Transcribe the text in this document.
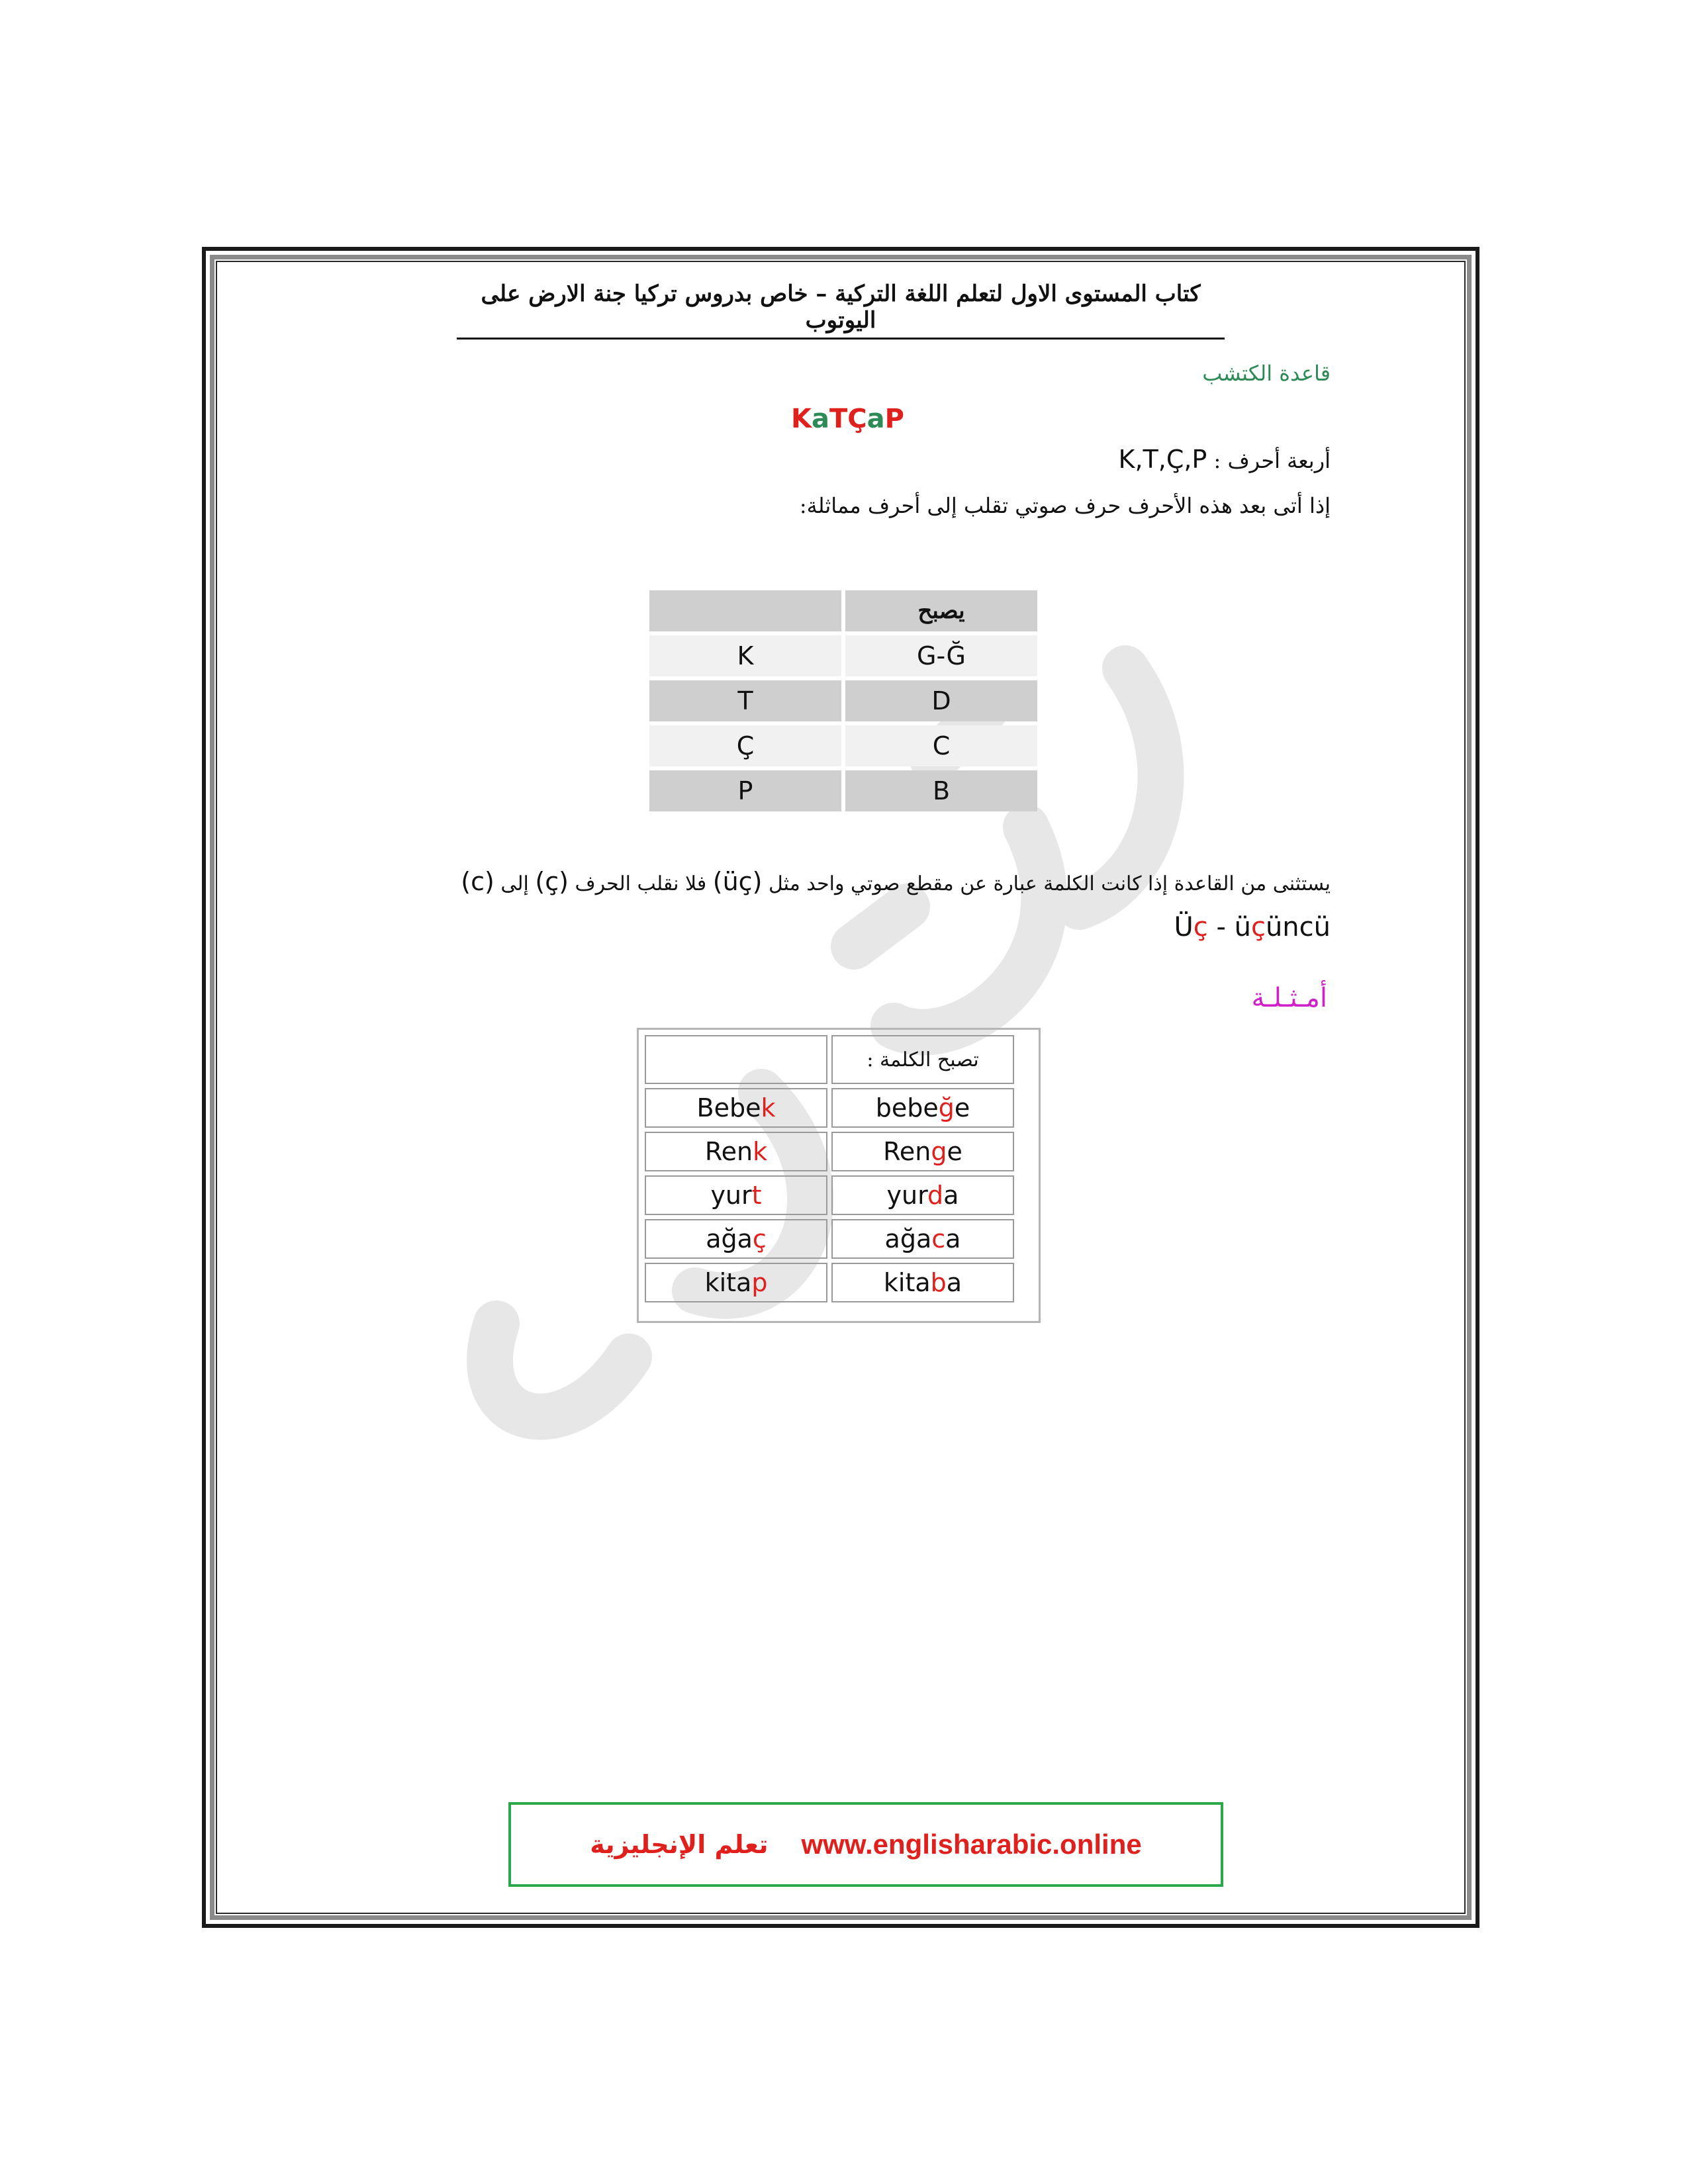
كتاب المستوى الاول لتعلم اللغة التركية – خاص بدروس تركيا جنة الارض على اليوتوب
قاعدة الكتشب
KaTÇaP
أربعة أحرف : K,T,Ç,P
إذا أتى بعد هذه الأحرف حرف صوتي تقلب إلى أحرف مماثلة:
	يصبح
K	G-Ğ
T	D
Ç	C
P	B
يستثنى من القاعدة إذا كانت الكلمة عبارة عن مقطع صوتي واحد مثل (üç) فلا نقلب الحرف (ç) إلى (c)
Üç - üçüncü
أمـثـلـة
	تصبح الكلمة :
Bebek	bebeğe
Renk	Renge
yurt	yurda
ağaç	ağaca
kitap	kitaba
تعلم الإنجليزية www.englisharabic.online
